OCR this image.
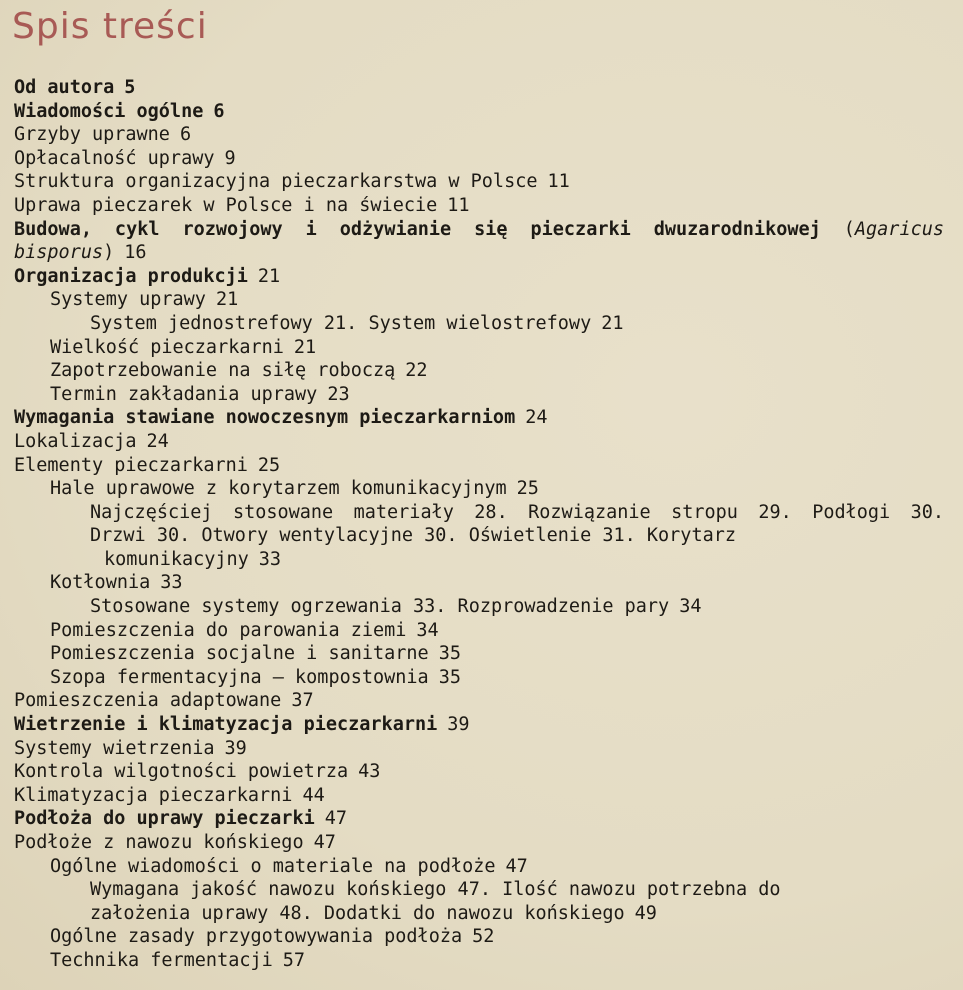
Spis treści
Od autora 5
Wiadomości ogólne 6
Grzyby uprawne 6
Opłacalność uprawy 9
Struktura organizacyjna pieczarkarstwa w Polsce 11
Uprawa pieczarek w Polsce i na świecie 11
Budowa, cykl rozwojowy i odżywianie się pieczarki dwuzarodnikowej (Agaricus
bisporus) 16
Organizacja produkcji 21
Systemy uprawy 21
System jednostrefowy 21. System wielostrefowy 21
Wielkość pieczarkarni 21
Zapotrzebowanie na siłę roboczą 22
Termin zakładania uprawy 23
Wymagania stawiane nowoczesnym pieczarkarniom 24
Lokalizacja 24
Elementy pieczarkarni 25
Hale uprawowe z korytarzem komunikacyjnym 25
Najczęściej stosowane materiały 28. Rozwiązanie stropu 29. Podłogi 30.
Drzwi 30. Otwory wentylacyjne 30. Oświetlenie 31. Korytarz
komunikacyjny 33
Kotłownia 33
Stosowane systemy ogrzewania 33. Rozprowadzenie pary 34
Pomieszczenia do parowania ziemi 34
Pomieszczenia socjalne i sanitarne 35
Szopa fermentacyjna — kompostownia 35
Pomieszczenia adaptowane 37
Wietrzenie i klimatyzacja pieczarkarni 39
Systemy wietrzenia 39
Kontrola wilgotności powietrza 43
Klimatyzacja pieczarkarni 44
Podłoża do uprawy pieczarki 47
Podłoże z nawozu końskiego 47
Ogólne wiadomości o materiale na podłoże 47
Wymagana jakość nawozu końskiego 47. Ilość nawozu potrzebna do
założenia uprawy 48. Dodatki do nawozu końskiego 49
Ogólne zasady przygotowywania podłoża 52
Technika fermentacji 57
